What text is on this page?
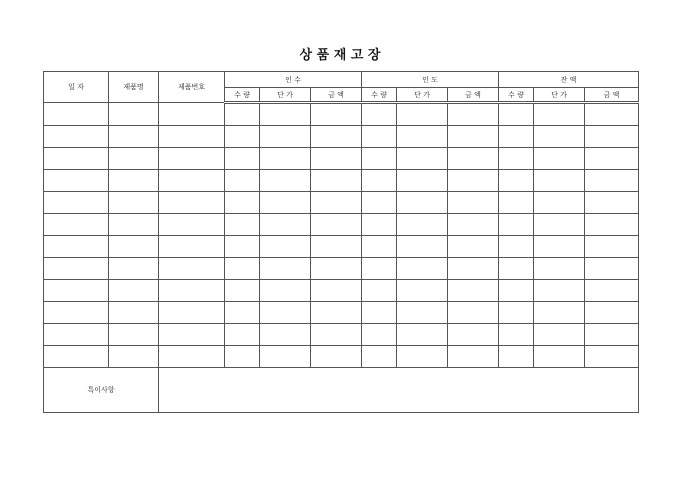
상 품 재 고 장
일 자	제품명	제품번호	인 수			인 도			잔 액		
			수 량	단 가	금 액	수 량	단 가	금 액	수 량	단 가	금 액

특이사항											
